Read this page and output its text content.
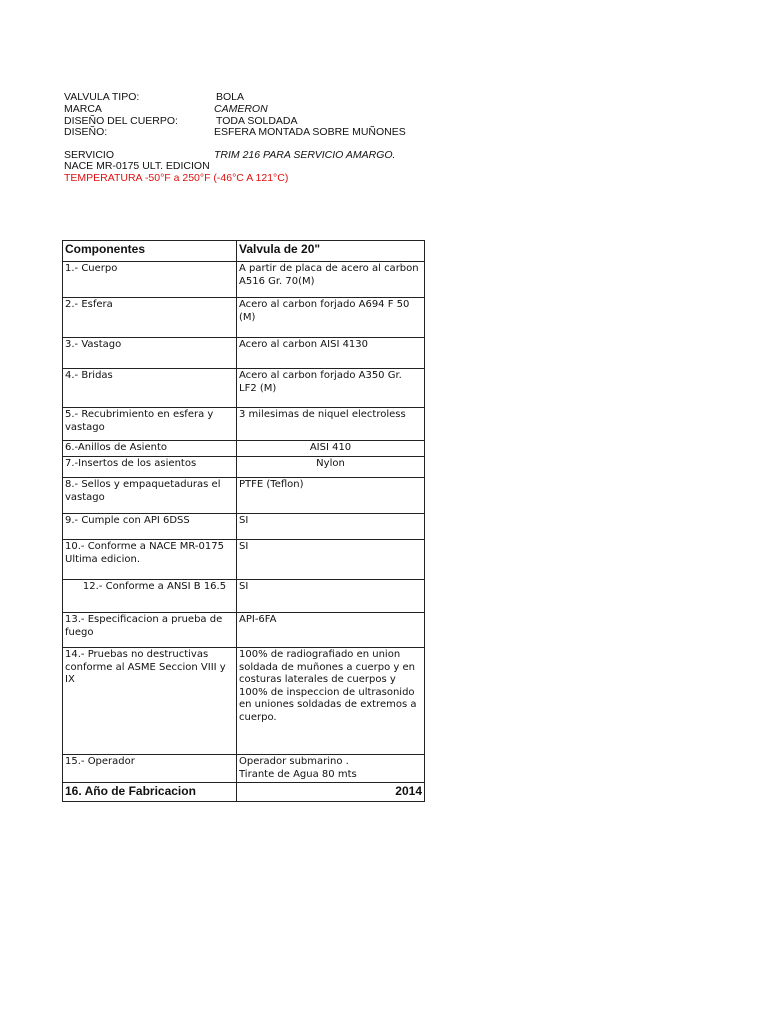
VALVULA TIPO:	BOLA
MARCA	CAMERON
DISEÑO DEL CUERPO:	TODA SOLDADA
DISEÑO:	ESFERA MONTADA SOBRE MUÑONES
SERVICIO	TRIM 216 PARA SERVICIO AMARGO.
NACE MR-0175 ULT. EDICION
TEMPERATURA -50°F a 250°F (-46°C A 121°C)
Componentes	Valvula de 20"
1.- Cuerpo	A partir de placa de acero al carbon A516 Gr. 70(M)
2.- Esfera	Acero al carbon forjado A694 F 50 (M)
3.- Vastago	Acero al carbon AISI 4130
4.- Bridas	Acero al carbon forjado A350 Gr. LF2 (M)
5.- Recubrimiento en esfera y vastago	3 milesimas de niquel electroless
6.-Anillos de Asiento	AISI 410
7.-Insertos de los asientos	Nylon
8.- Sellos y empaquetaduras el vastago	PTFE (Teflon)
9.- Cumple con API 6DSS	SI
10.- Conforme a NACE MR-0175 Ultima edicion.	SI
12.- Conforme a ANSI B 16.5	SI
13.- Especificacion a prueba de fuego	API-6FA
14.- Pruebas no destructivas conforme al ASME Seccion VIII y IX	100% de radiografiado en union soldada de muñones a cuerpo y en costuras laterales de cuerpos y 100% de inspeccion de ultrasonido en uniones soldadas de extremos a cuerpo.
15.- Operador	Operador submarino .
Tirante de Agua 80 mts

16. Año de Fabricacion	2014
